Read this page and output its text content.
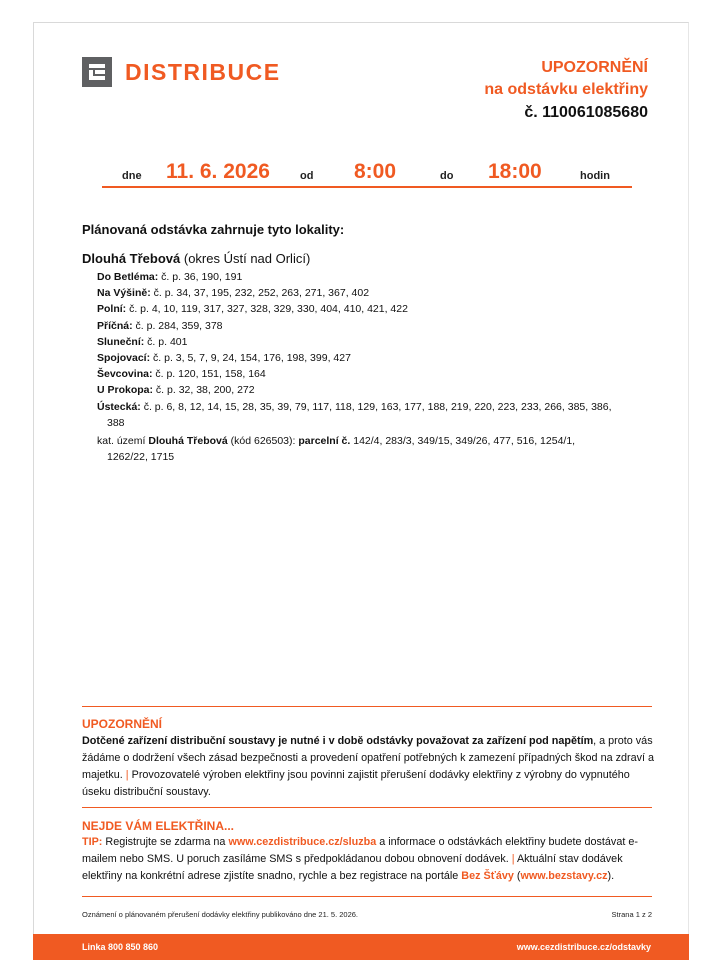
DISTRIBUCE	UPOZORNĚNÍ
na odstávku elektřiny
č. 110061085680
dne 11. 6. 2026	od 8:00	do 18:00	hodin
Plánovaná odstávka zahrnuje tyto lokality:
Dlouhá Třebová (okres Ústí nad Orlicí)
Do Betléma: č. p. 36, 190, 191
Na Výšině: č. p. 34, 37, 195, 232, 252, 263, 271, 367, 402
Polní: č. p. 4, 10, 119, 317, 327, 328, 329, 330, 404, 410, 421, 422
Příčná: č. p. 284, 359, 378
Sluneční: č. p. 401
Spojovací: č. p. 3, 5, 7, 9, 24, 154, 176, 198, 399, 427
Ševcovina: č. p. 120, 151, 158, 164
U Prokopa: č. p. 32, 38, 200, 272
Ústecká: č. p. 6, 8, 12, 14, 15, 28, 35, 39, 79, 117, 118, 129, 163, 177, 188, 219, 220, 223, 233, 266, 385, 386,
388
kat. území Dlouhá Třebová (kód 626503): parcelní č. 142/4, 283/3, 349/15, 349/26, 477, 516, 1254/1,
1262/22, 1715
UPOZORNĚNÍ
Dotčené zařízení distribuční soustavy je nutné i v době odstávky považovat za zařízení pod napětím, a proto vás žádáme o dodržení všech zásad bezpečnosti a provedení opatření potřebných k zamezení případných škod na zdraví a majetku. | Provozovatelé výroben elektřiny jsou povinni zajistit přerušení dodávky elektřiny z výrobny do vypnutého úseku distribuční soustavy.
NEJDE VÁM ELEKTŘINA...
TIP: Registrujte se zdarma na www.cezdistribuce.cz/sluzba a informace o odstávkách elektřiny budete dostávat e-mailem nebo SMS. U poruch zasíláme SMS s předpokládanou dobou obnovení dodávek. | Aktuální stav dodávek elektřiny na konkrétní adrese zjistíte snadno, rychle a bez registrace na portále Bez Šťávy (www.bezstavy.cz).
Oznámení o plánovaném přerušení dodávky elektřiny publikováno dne 21. 5. 2026.	Strana 1 z 2
Linka 800 850 860	www.cezdistribuce.cz/odstavky
